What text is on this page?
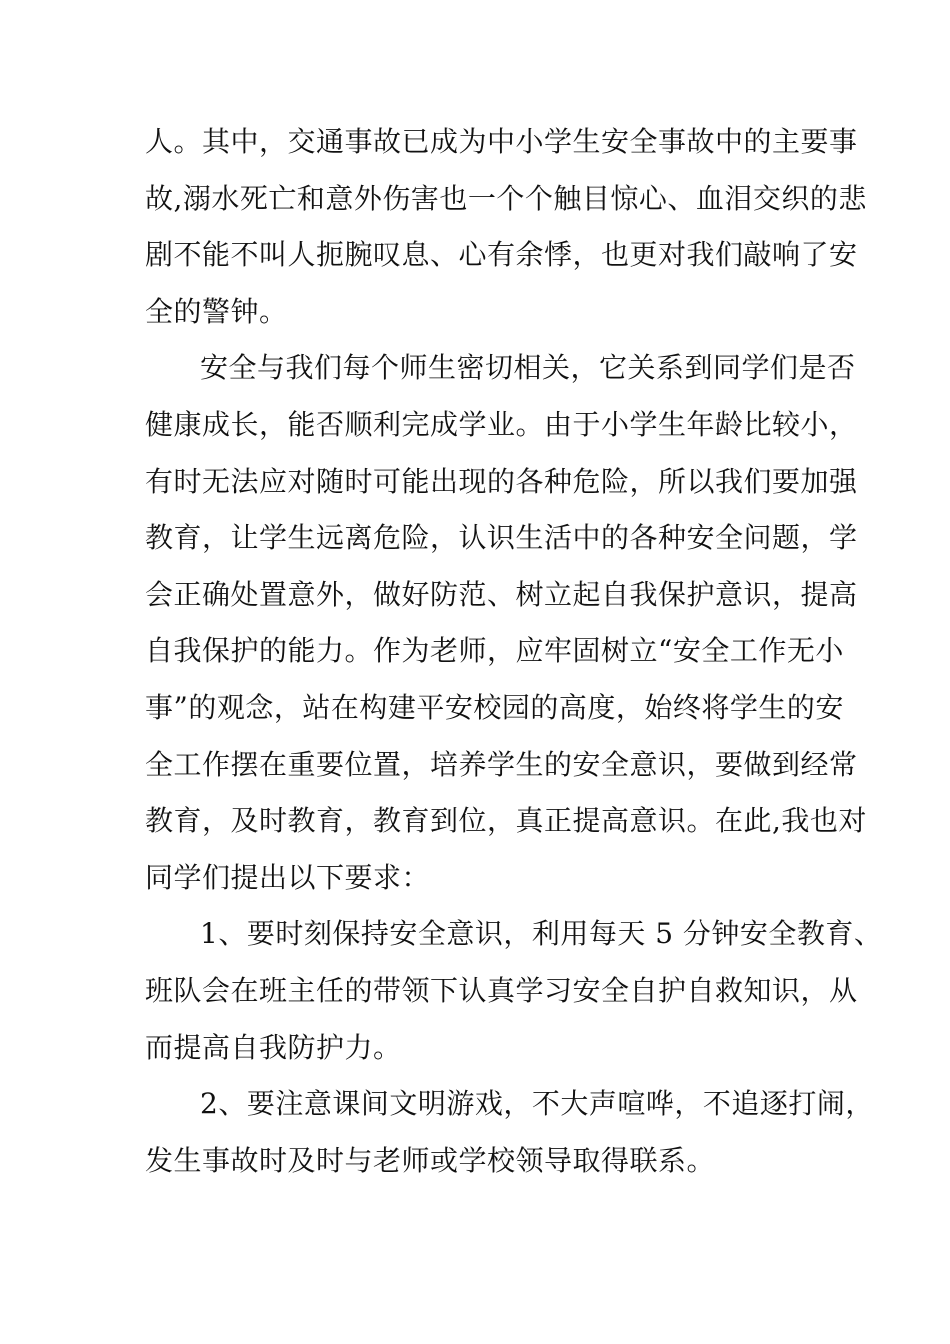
人。其中，交通事故已成为中小学生安全事故中的主要事
故,溺水死亡和意外伤害也一个个触目惊心、血泪交织的悲
剧不能不叫人扼腕叹息、心有余悸，也更对我们敲响了安
全的警钟。
安全与我们每个师生密切相关，它关系到同学们是否
健康成长，能否顺利完成学业。由于小学生年龄比较小，
有时无法应对随时可能出现的各种危险，所以我们要加强
教育，让学生远离危险，认识生活中的各种安全问题，学
会正确处置意外，做好防范、树立起自我保护意识，提高
自我保护的能力。作为老师，应牢固树立“安全工作无小
事”的观念，站在构建平安校园的高度，始终将学生的安
全工作摆在重要位置，培养学生的安全意识，要做到经常
教育，及时教育，教育到位，真正提高意识。在此,我也对
同学们提出以下要求：
1、要时刻保持安全意识，利用每天 5 分钟安全教育、
班队会在班主任的带领下认真学习安全自护自救知识，从
而提高自我防护力。
2、要注意课间文明游戏，不大声喧哗，不追逐打闹，
发生事故时及时与老师或学校领导取得联系。
